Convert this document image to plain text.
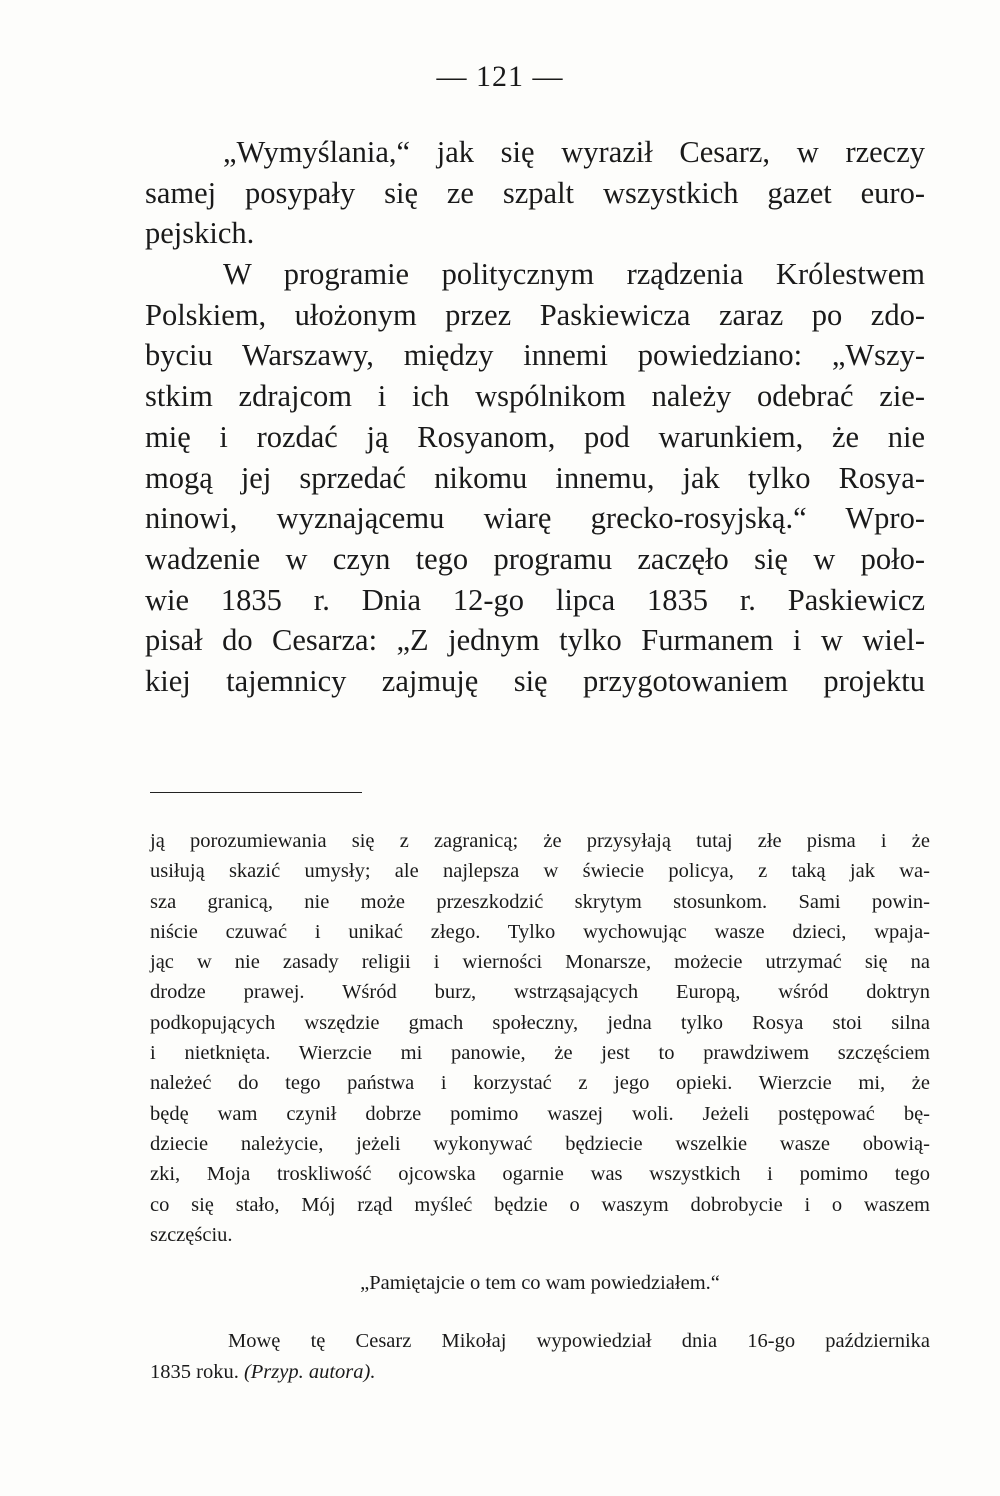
— 121 —

„Wymyślania,“ jak się wyraził Cesarz, w rzeczy
samej posypały się ze szpalt wszystkich gazet euro-
pejskich.

W programie politycznym rządzenia Królestwem
Polskiem, ułożonym przez Paskiewicza zaraz po zdo-
byciu Warszawy, między innemi powiedziano: „Wszy-
stkim zdrajcom i ich wspólnikom należy odebrać zie-
mię i rozdać ją Rosyanom, pod warunkiem, że nie
mogą jej sprzedać nikomu innemu, jak tylko Rosya-
ninowi, wyznającemu wiarę grecko-rosyjską.“ Wpro-
wadzenie w czyn tego programu zaczęło się w poło-
wie 1835 r. Dnia 12-go lipca 1835 r. Paskiewicz
pisał do Cesarza: „Z jednym tylko Furmanem i w wiel-
kiej tajemnicy zajmuję się przygotowaniem projektu

ją porozumiewania się z zagranicą; że przysyłają tutaj złe pisma i że
usiłują skazić umysły; ale najlepsza w świecie policya, z taką jak wa-
sza granicą, nie może przeszkodzić skrytym stosunkom. Sami powin-
niście czuwać i unikać złego. Tylko wychowując wasze dzieci, wpaja-
jąc w nie zasady religii i wierności Monarsze, możecie utrzymać się na
drodze prawej. Wśród burz, wstrząsających Europą, wśród doktryn
podkopujących wszędzie gmach społeczny, jedna tylko Rosya stoi silna
i nietknięta. Wierzcie mi panowie, że jest to prawdziwem szczęściem
należeć do tego państwa i korzystać z jego opieki. Wierzcie mi, że
będę wam czynił dobrze pomimo waszej woli. Jeżeli postępować bę-
dziecie należycie, jeżeli wykonywać będziecie wszelkie wasze obowią-
zki, Moja troskliwość ojcowska ogarnie was wszystkich i pomimo tego
co się stało, Mój rząd myśleć będzie o waszym dobrobycie i o waszem
szczęściu.

„Pamiętajcie o tem co wam powiedziałem.“
Mowę tę Cesarz Mikołaj wypowiedział dnia 16-go października
1835 roku. (Przyp. autora).
